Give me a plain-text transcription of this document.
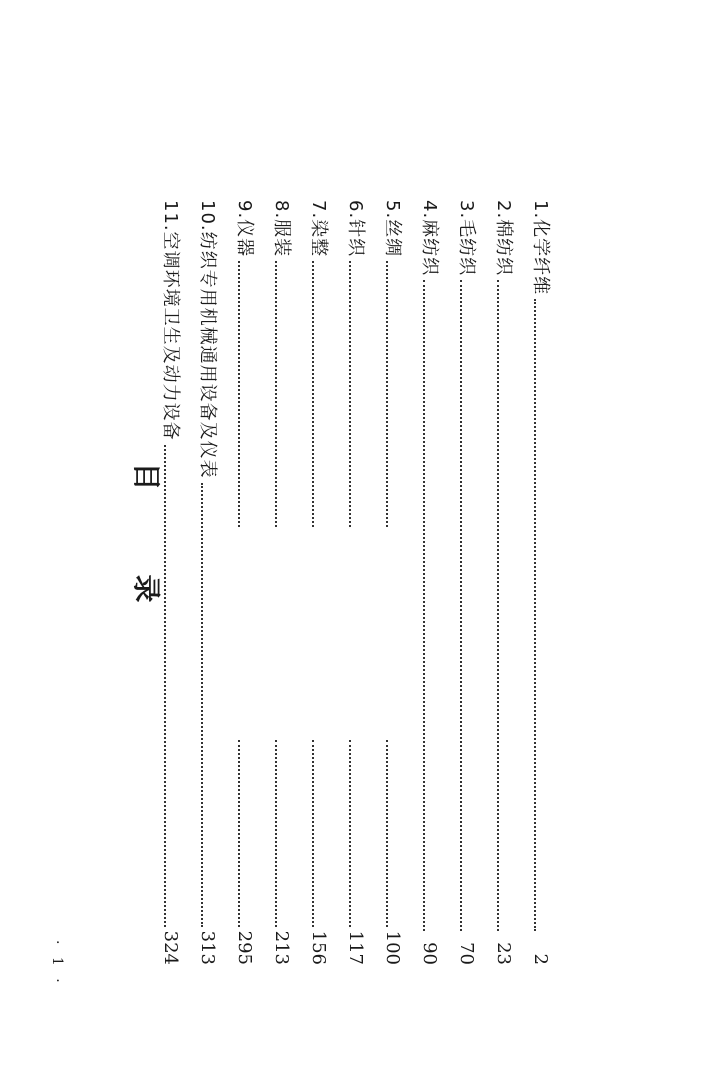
目录
1.化学纤维
2
2.棉纺织
23
3.毛纺织
70
4.麻纺织
90
5.丝绸
100
6.针织
117
7.染整
156
8.服装
213
9.仪器
295
10.纺织专用机械通用设备及仪表
313
11.空调环境卫生及动力设备
324
· 1 ·
